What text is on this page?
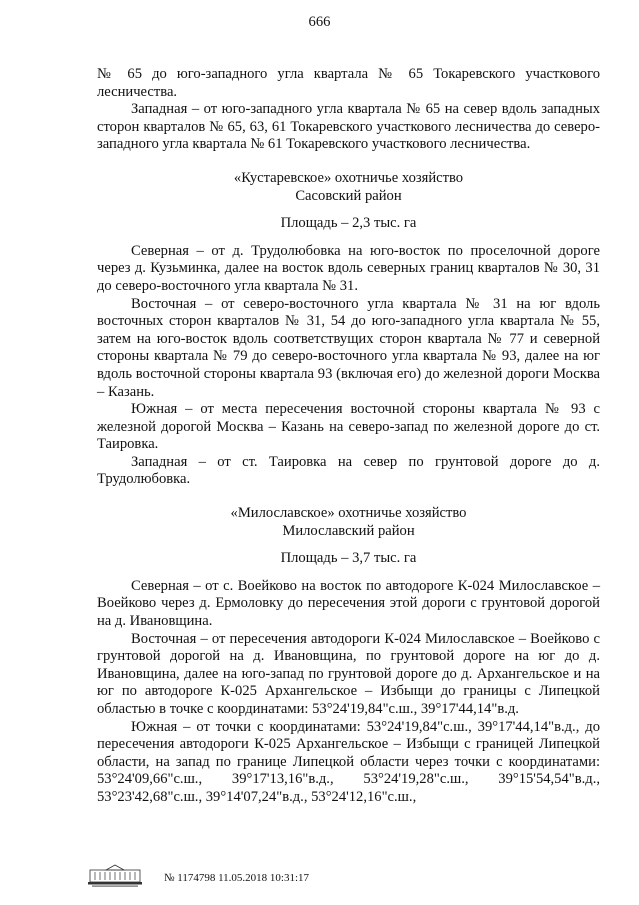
666

№ 65 до юго-западного угла квартала № 65 Токаревского участкового лесничества.

Западная – от юго-западного угла квартала № 65 на север вдоль западных сторон кварталов № 65, 63, 61 Токаревского участкового лесничества до северо-западного угла квартала № 61 Токаревского участкового лесничества.

«Кустаревское» охотничье хозяйство

Сасовский район

Площадь – 2,3 тыс. га

Северная – от д. Трудолюбовка на юго-восток по проселочной дороге через д. Кузьминка, далее на восток вдоль северных границ кварталов № 30, 31 до северо-восточного угла квартала № 31.

Восточная – от северо-восточного угла квартала № 31 на юг вдоль восточных сторон кварталов № 31, 54 до юго-западного угла квартала № 55, затем на юго-восток вдоль соответствущих сторон квартала № 77 и северной стороны квартала № 79 до северо-восточного угла квартала № 93, далее на юг вдоль восточной стороны квартала 93 (включая его) до железной дороги Москва – Казань.

Южная – от места пересечения восточной стороны квартала № 93 с железной дорогой Москва – Казань на северо-запад по железной дороге до ст. Таировка.

Западная – от ст. Таировка на север по грунтовой дороге до д. Трудолюбовка.

«Милославское» охотничье хозяйство

Милославский район

Площадь – 3,7 тыс. га

Северная – от с. Воейково на восток по автодороге К-024 Милославское – Воейково через д. Ермоловку до пересечения этой дороги с грунтовой дорогой на д. Ивановщина.

Восточная – от пересечения автодороги К-024 Милославское – Воейково с грунтовой дорогой на д. Ивановщина, по грунтовой дороге на юг до д. Ивановщина, далее на юго-запад по грунтовой дороге до д. Архангельское и на юг по автодороге К-025 Архангельское – Избыщи до границы с Липецкой областью в точке с координатами: 53°24'19,84"с.ш., 39°17'44,14"в.д.

Южная – от точки с координатами: 53°24'19,84"с.ш., 39°17'44,14"в.д., до пересечения автодороги К-025 Архангельское – Избыщи с границей Липецкой области, на запад по границе Липецкой области через точки с координатами: 53°24'09,66"с.ш., 39°17'13,16"в.д., 53°24'19,28"с.ш., 39°15'54,54"в.д., 53°23'42,68"с.ш., 39°14'07,24"в.д., 53°24'12,16"с.ш.,

№ 1174798 11.05.2018 10:31:17
